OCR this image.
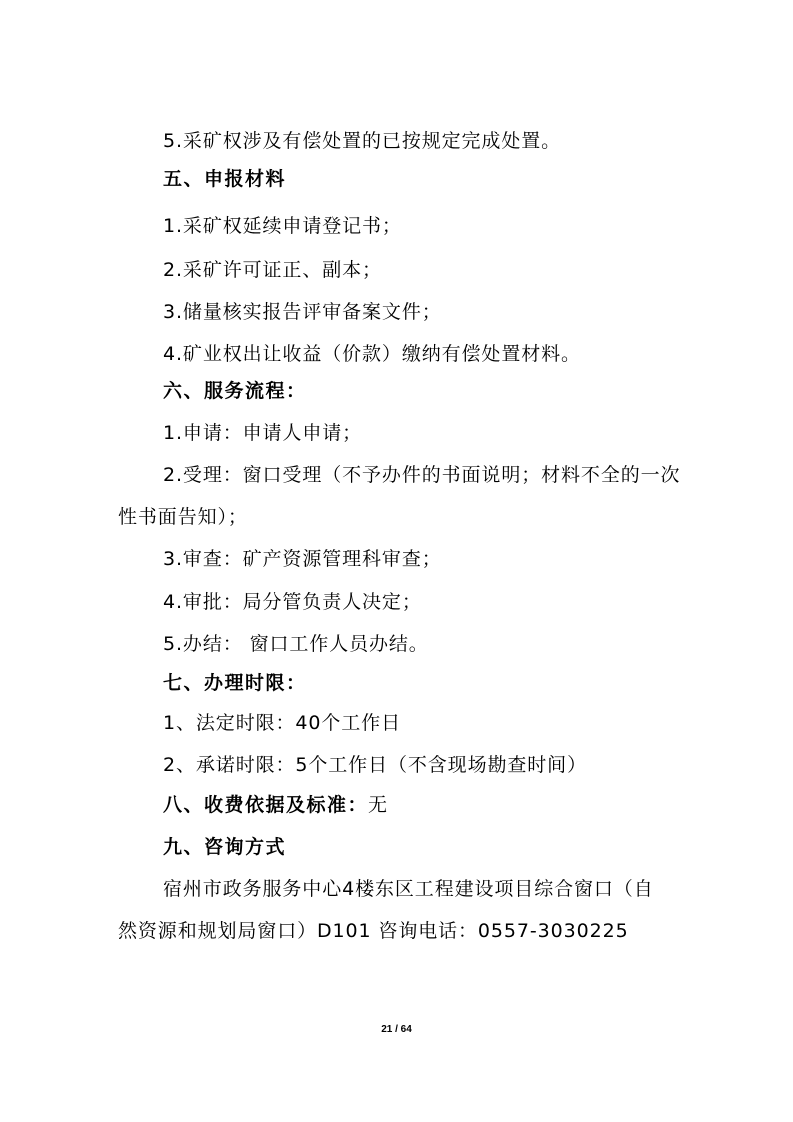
5.采矿权涉及有偿处置的已按规定完成处置。
五、申报材料
1.采矿权延续申请登记书；
2.采矿许可证正、副本；
3.储量核实报告评审备案文件；
4.矿业权出让收益（价款）缴纳有偿处置材料。
六、服务流程：
1.申请：申请人申请；
2.受理：窗口受理（不予办件的书面说明；材料不全的一次
性书面告知）；
3.审查：矿产资源管理科审查；
4.审批：局分管负责人决定；
5.办结： 窗口工作人员办结。
七、办理时限：
1、法定时限：40个工作日
2、承诺时限：5个工作日（不含现场勘查时间）
八、收费依据及标准：无
九、咨询方式
宿州市政务服务中心4楼东区工程建设项目综合窗口（自
然资源和规划局窗口）D101 咨询电话：0557-3030225
21 / 64
